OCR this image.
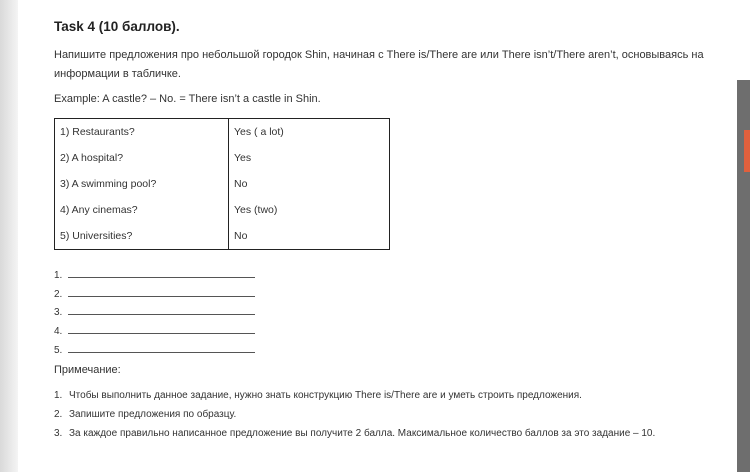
Task 4 (10 баллов).
Напишите предложения про небольшой городок Shin, начиная с There is/There are или There isn’t/There aren’t, основываясь на информации в табличке.
Example: A castle? – No. = There isn’t a castle in Shin.
1) Restaurants?	Yes ( a lot)
2) A hospital?	Yes
3) A swimming pool?	No
4) Any cinemas?	Yes (two)
5) Universities?	No
1.
2.
3.
4.
5.
Примечание:
1. Чтобы выполнить данное задание, нужно знать конструкцию There is/There are и уметь строить предложения.
2. Запишите предложения по образцу.
3. За каждое правильно написанное предложение вы получите 2 балла. Максимальное количество баллов за это задание – 10.
